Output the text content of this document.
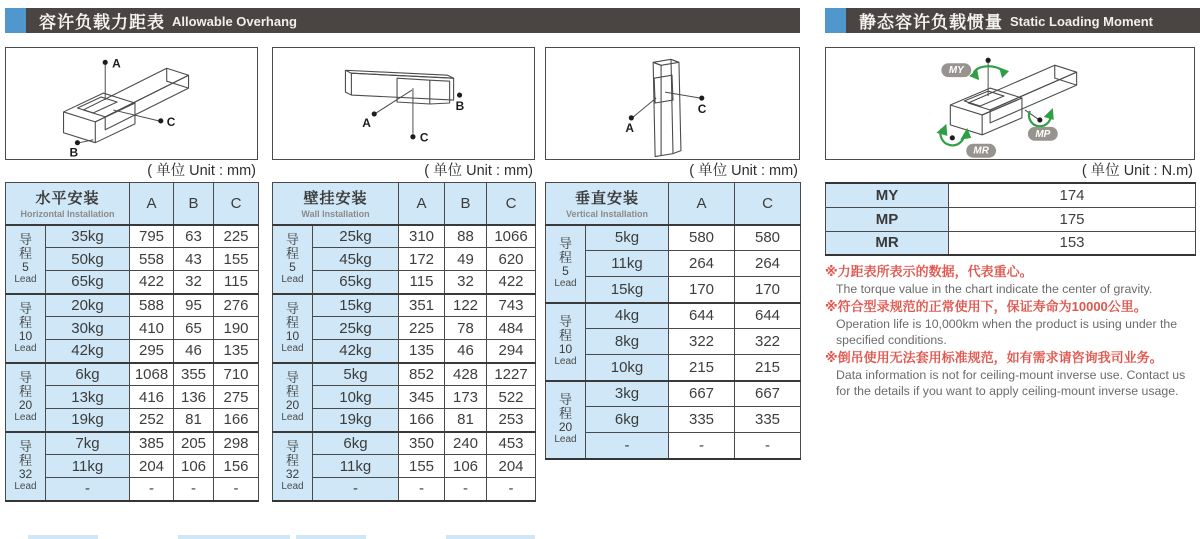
容许负载力距表 Allowable Overhang	静态容许负载惯量 Static Loading Moment
A
C
B
( 单位 Unit : mm)
水平安装
Horizontal Installation		A	B	C

导
程
5
Lead	35kg	795	63	225
	50kg	558	43	155
	65kg	422	32	115

导
程
10
Lead	20kg	588	95	276
	30kg	410	65	190
	42kg	295	46	135

导
程
20
Lead	6kg	1068	355	710
	13kg	416	136	275
	19kg	252	81	166

导
程
32
Lead	7kg	385	205	298
	11kg	204	106	156
	-	-	-	-
A
C
B
( 单位 Unit : mm)
壁挂安装
Wall Installation		A	B	C

导
程
5
Lead	25kg	310	88	1066
	45kg	172	49	620
	65kg	115	32	422

导
程
10
Lead	15kg	351	122	743
	25kg	225	78	484
	42kg	135	46	294

导
程
20
Lead	5kg	852	428	1227
	10kg	345	173	522
	19kg	166	81	253

导
程
32
Lead	6kg	350	240	453
	11kg	155	106	204
	-	-	-	-
A
C
( 单位 Unit : mm)
垂直安装
Vertical Installation		A	C

导
程
5
Lead	5kg	580	580
	11kg	264	264
	15kg	170	170

导
程
10
Lead	4kg	644	644
	8kg	322	322
	10kg	215	215

导
程
20
Lead	3kg	667	667
	6kg	335	335
	-	-	-
MY
MP
MR
( 单位 Unit : N.m)
MY	174
MP	175
MR	153
※力距表所表示的数据，代表重心。
The torque value in the chart indicate the center of gravity.
※符合型录规范的正常使用下，保证寿命为10000公里。
Operation life is 10,000km when the product is using under the specified conditions.
※倒吊使用无法套用标准规范，如有需求请咨询我司业务。
Data information is not for ceiling-mount inverse use. Contact us for the details if you want to apply ceiling-mount inverse usage.
